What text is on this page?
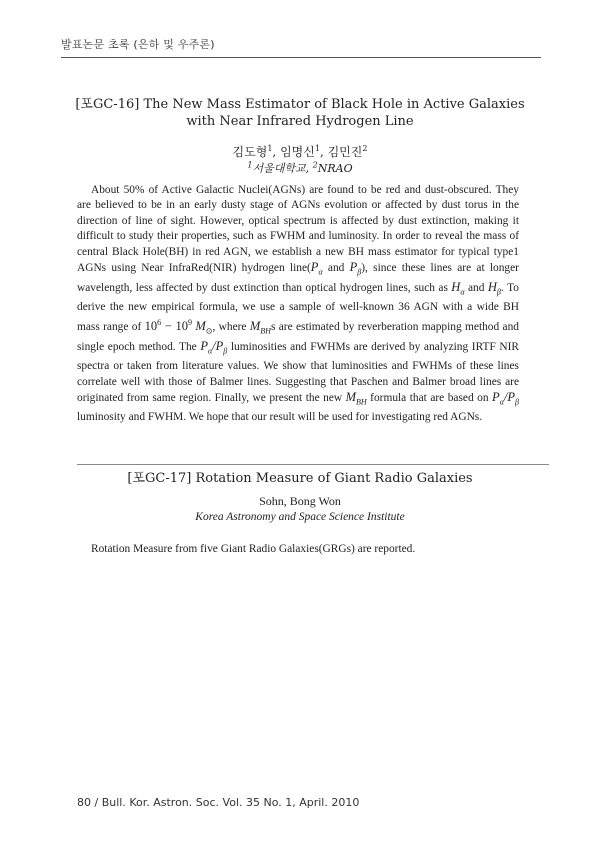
발표논문 초록 (은하 및 우주론)
[포GC-16] The New Mass Estimator of Black Hole in Active Galaxies
with Near Infrared Hydrogen Line
김도형$^1$, 임명신$^1$, 김민진$^2$
$^1$서울대학교, $^2$NRAO

About 50% of Active Galactic Nuclei(AGNs) are found to be red and dust-obscured. They are believed to be in an early dusty stage of AGNs evolution or affected by dust torus in the direction of line of sight. However, optical spectrum is affected by dust extinction, making it difficult to study their properties, such as FWHM and luminosity. In order to reveal the mass of central Black Hole(BH) in red AGN, we establish a new BH mass estimator for typical type1 AGNs using Near InfraRed(NIR) hydrogen $line(P_\alpha$ and $P_\beta$), since these lines are at longer wavelength, less affected by dust extinction than optical hydrogen lines, such as $H_\alpha$ and $H_\beta$. To derive the new empirical formula, we use a sample of well-known 36 AGN with a wide BH mass range of $10^6 - 10^9$ $M_⊙$, where $M_{BH}s$ are estimated by reverberation mapping method and single epoch method. The $P_\alpha/P_\beta$ luminosities and FWHMs are derived by analyzing IRTF NIR spectra or taken from literature values. We show that luminosities and FWHMs of these lines correlate well with those of Balmer lines. Suggesting that Paschen and Balmer broad lines are originated from same region. Finally, we present the new $M_{BH}$ formula that are based on $P_\alpha/P_\beta$ luminosity and FWHM. We hope that our result will be used for investigating red AGNs.

[포GC-17] Rotation Measure of Giant Radio Galaxies
Sohn, Bong Won
Korea Astronomy and Space Science Institute
Rotation Measure from five Giant Radio Galaxies(GRGs) are reported.
80 / Bull. Kor. Astron. Soc. Vol. 35 No. 1, April. 2010
